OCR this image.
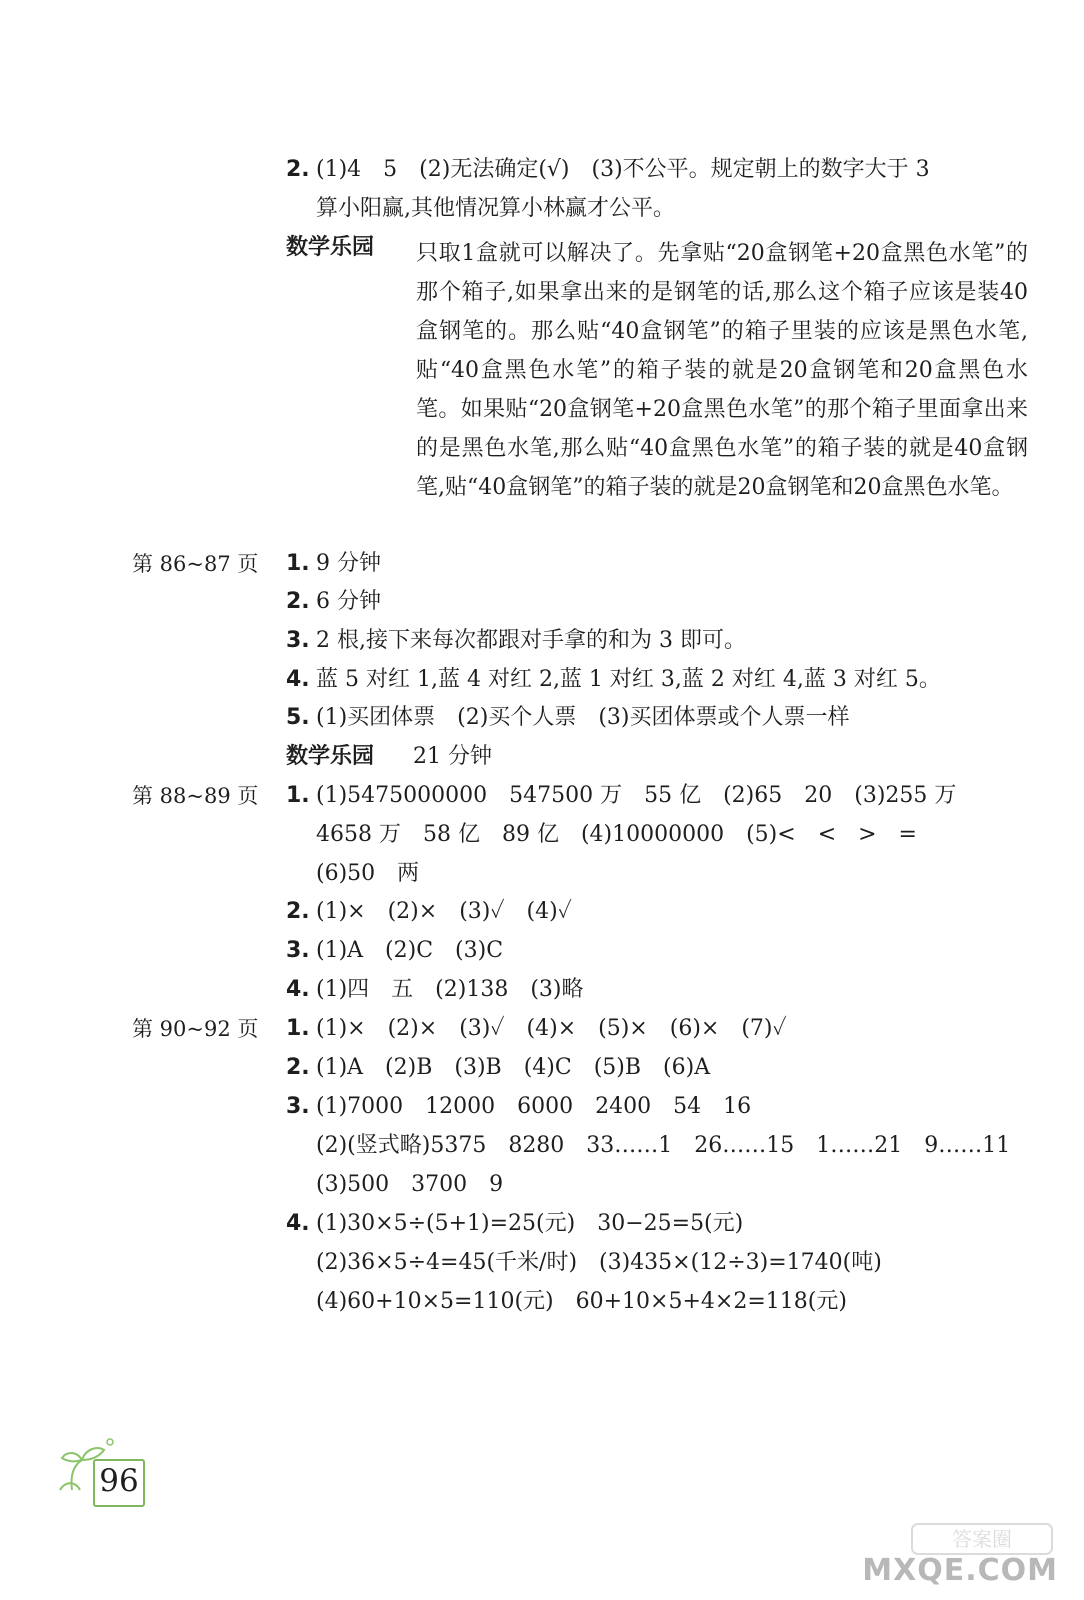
2. (1)4　5　(2)无法确定(√)　(3)不公平。规定朝上的数字大于 3
算小阳赢,其他情况算小林赢才公平。
数学乐园 只取1盒就可以解决了。先拿贴“20盒钢笔+20盒黑色水笔”的那个箱子,如果拿出来的是钢笔的话,那么这个箱子应该是装40盒钢笔的。那么贴“40盒钢笔”的箱子里装的应该是黑色水笔,贴“40盒黑色水笔”的箱子装的就是20盒钢笔和20盒黑色水笔。如果贴“20盒钢笔+20盒黑色水笔”的那个箱子里面拿出来的是黑色水笔,那么贴“40盒黑色水笔”的箱子装的就是40盒钢笔,贴“40盒钢笔”的箱子装的就是20盒钢笔和20盒黑色水笔。
第 86~87 页 1. 9 分钟
2. 6 分钟
3. 2 根,接下来每次都跟对手拿的和为 3 即可。
4. 蓝 5 对红 1,蓝 4 对红 2,蓝 1 对红 3,蓝 2 对红 4,蓝 3 对红 5。
5. (1)买团体票　(2)买个人票　(3)买团体票或个人票一样
数学乐园 21 分钟
第 88~89 页 1. (1)5475000000　547500 万　55 亿　(2)65　20　(3)255 万
4658 万　58 亿　89 亿　(4)10000000　(5)<　<　>　=
(6)50　两
2. (1)×　(2)×　(3)✓　(4)✓
3. (1)A　(2)C　(3)C
4. (1)四　五　(2)138　(3)略
第 90~92 页 1. (1)×　(2)×　(3)✓　(4)×　(5)×　(6)×　(7)✓
2. (1)A　(2)B　(3)B　(4)C　(5)B　(6)A
3. (1)7000　12000　6000　2400　54　16
(2)(竖式略)5375　8280　33……1　26……15　1……21　9……11
(3)500　3700　9
4. (1)30×5÷(5+1)=25(元)　30−25=5(元)
(2)36×5÷4=45(千米/时)　(3)435×(12÷3)=1740(吨)
(4)60+10×5=110(元)　60+10×5+4×2=118(元)
96
答案圈
MXQE.COM
